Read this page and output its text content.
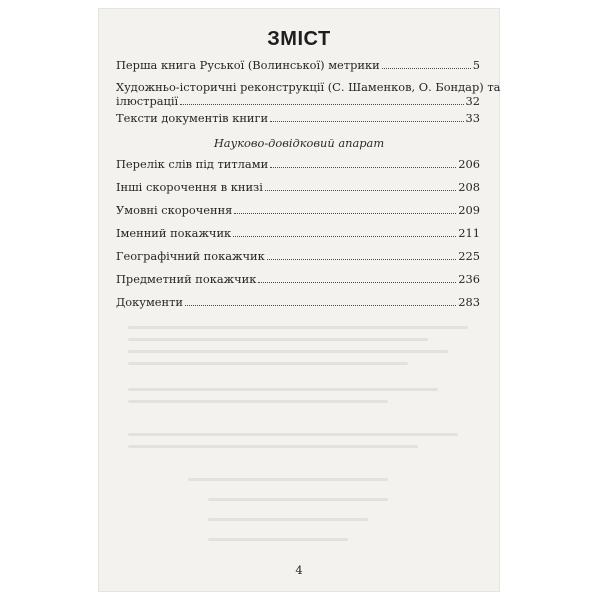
ЗМІСТ
Перша книга Руської (Волинської) метрики	5
Художньо-історичні реконструкції (С. Шаменков, О. Бондар) та
ілюстрації	32
Тексти документів книги	33
Науково-довідковий апарат
Перелік слів під титлами	206
Інші скорочення в книзі	208
Умовні скорочення	209
Іменний покажчик	211
Географічний покажчик	225
Предметний покажчик	236
Документи	283
4
